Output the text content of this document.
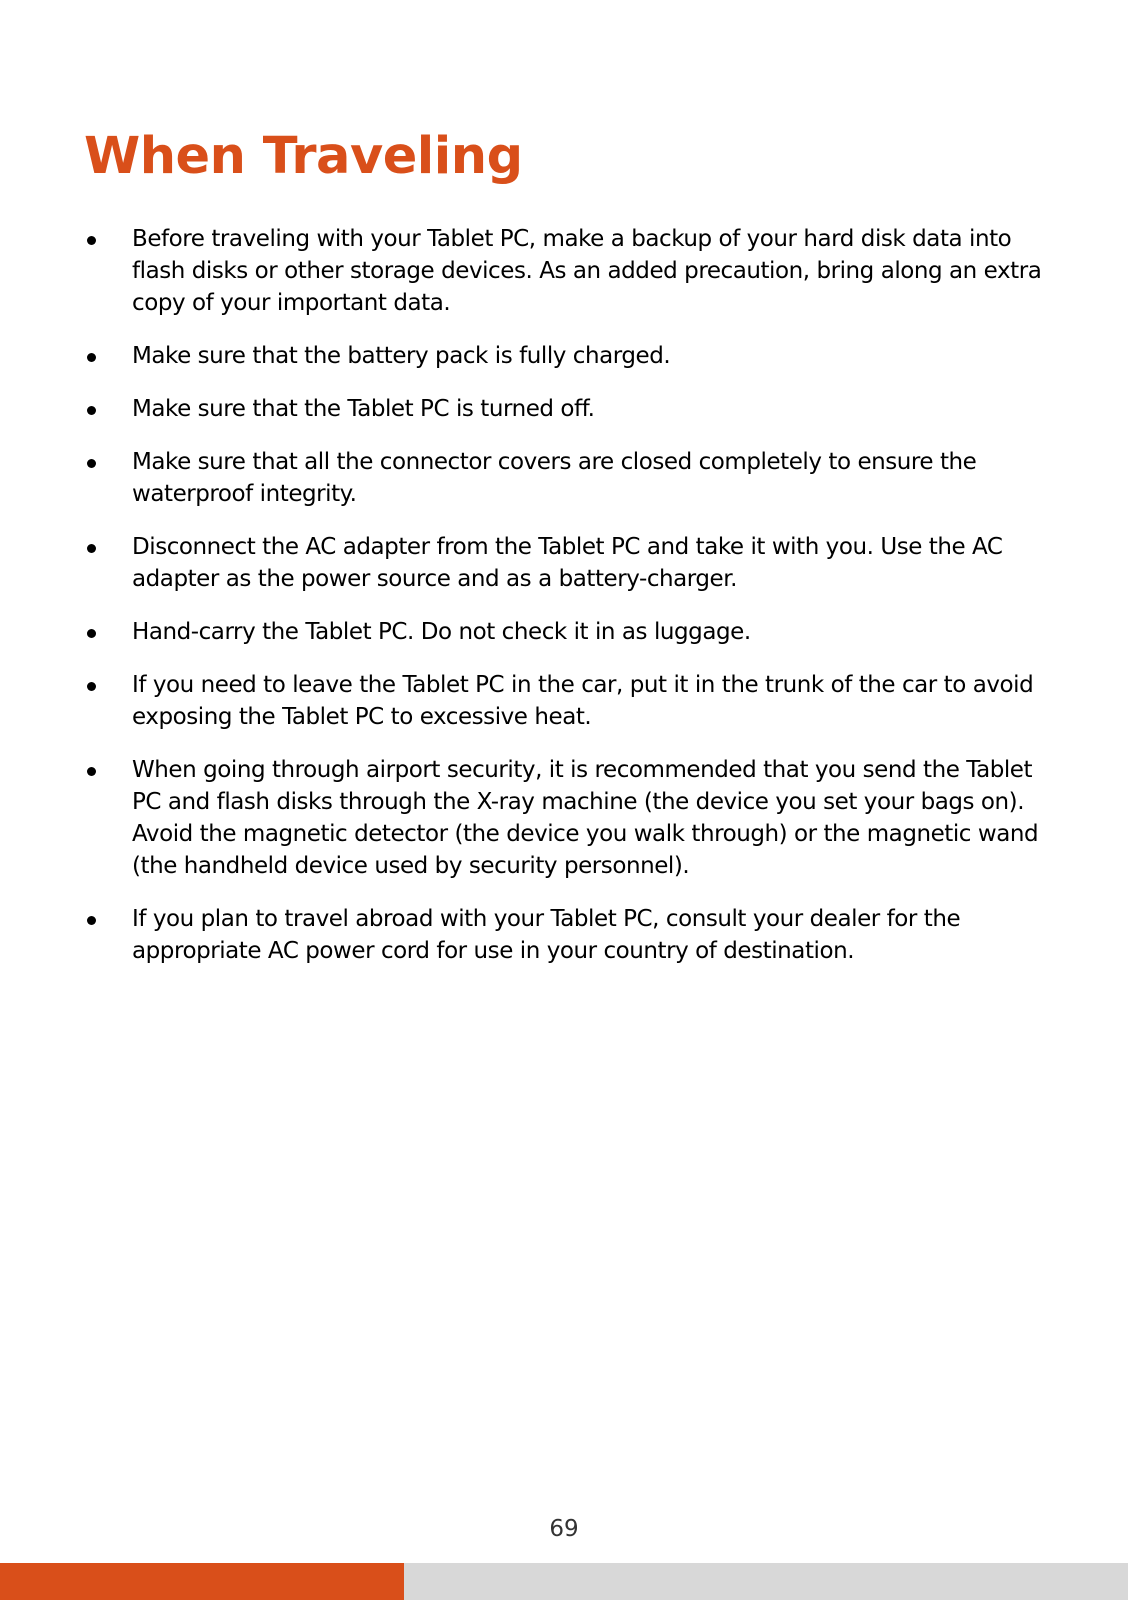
When Traveling
Before traveling with your Tablet PC, make a backup of your hard disk data into flash disks or other storage devices. As an added precaution, bring along an extra copy of your important data.
Make sure that the battery pack is fully charged.
Make sure that the Tablet PC is turned off.
Make sure that all the connector covers are closed completely to ensure the waterproof integrity.
Disconnect the AC adapter from the Tablet PC and take it with you. Use the AC adapter as the power source and as a battery-charger.
Hand-carry the Tablet PC. Do not check it in as luggage.
If you need to leave the Tablet PC in the car, put it in the trunk of the car to avoid exposing the Tablet PC to excessive heat.
When going through airport security, it is recommended that you send the Tablet PC and flash disks through the X-ray machine (the device you set your bags on). Avoid the magnetic detector (the device you walk through) or the magnetic wand (the handheld device used by security personnel).
If you plan to travel abroad with your Tablet PC, consult your dealer for the appropriate AC power cord for use in your country of destination.
69
